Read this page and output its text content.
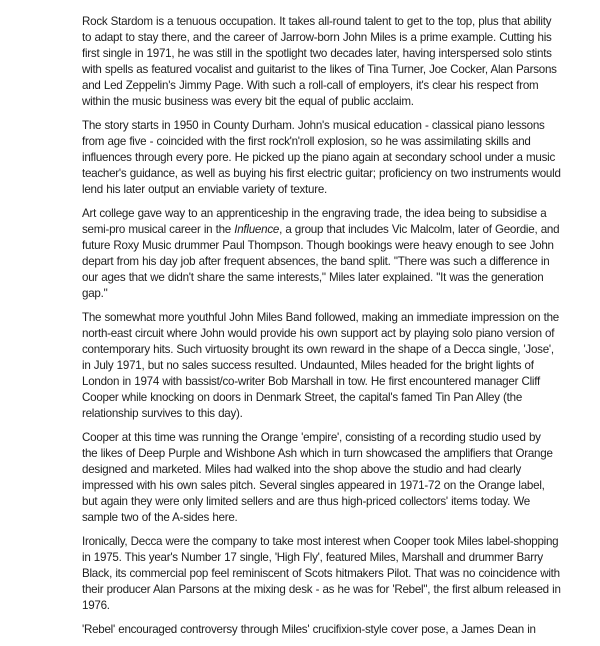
Rock Stardom is a tenuous occupation. It takes all-round talent to get to the top, plus that ability
to adapt to stay there, and the career of Jarrow-born John Miles is a prime example. Cutting his
first single in 1971, he was still in the spotlight two decades later, having interspersed solo stints
with spells as featured vocalist and guitarist to the likes of Tina Turner, Joe Cocker, Alan Parsons
and Led Zeppelin's Jimmy Page. With such a roll-call of employers, it's clear his respect from
within the music business was every bit the equal of public acclaim.

The story starts in 1950 in County Durham. John's musical education - classical piano lessons
from age five - coincided with the first rock'n'roll explosion, so he was assimilating skills and
influences through every pore. He picked up the piano again at secondary school under a music
teacher's guidance, as well as buying his first electric guitar; proficiency on two instruments would
lend his later output an enviable variety of texture.

Art college gave way to an apprenticeship in the engraving trade, the idea being to subsidise a
semi-pro musical career in the Influence, a group that includes Vic Malcolm, later of Geordie, and
future Roxy Music drummer Paul Thompson. Though bookings were heavy enough to see John
depart from his day job after frequent absences, the band split. "There was such a difference in
our ages that we didn't share the same interests," Miles later explained. "It was the generation
gap."

The somewhat more youthful John Miles Band followed, making an immediate impression on the
north-east circuit where John would provide his own support act by playing solo piano version of
contemporary hits. Such virtuosity brought its own reward in the shape of a Decca single, 'Jose',
in July 1971, but no sales success resulted. Undaunted, Miles headed for the bright lights of
London in 1974 with bassist/co-writer Bob Marshall in tow. He first encountered manager Cliff
Cooper while knocking on doors in Denmark Street, the capital's famed Tin Pan Alley (the
relationship survives to this day).

Cooper at this time was running the Orange 'empire', consisting of a recording studio used by
the likes of Deep Purple and Wishbone Ash which in turn showcased the amplifiers that Orange
designed and marketed. Miles had walked into the shop above the studio and had clearly
impressed with his own sales pitch. Several singles appeared in 1971-72 on the Orange label,
but again they were only limited sellers and are thus high-priced collectors' items today. We
sample two of the A-sides here.

Ironically, Decca were the company to take most interest when Cooper took Miles label-shopping
in 1975. This year's Number 17 single, 'High Fly', featured Miles, Marshall and drummer Barry
Black, its commercial pop feel reminiscent of Scots hitmakers Pilot. That was no coincidence with
their producer Alan Parsons at the mixing desk - as he was for 'Rebel", the first album released in
1976.

'Rebel' encouraged controversy through Miles' crucifixion-style cover pose, a James Dean in
